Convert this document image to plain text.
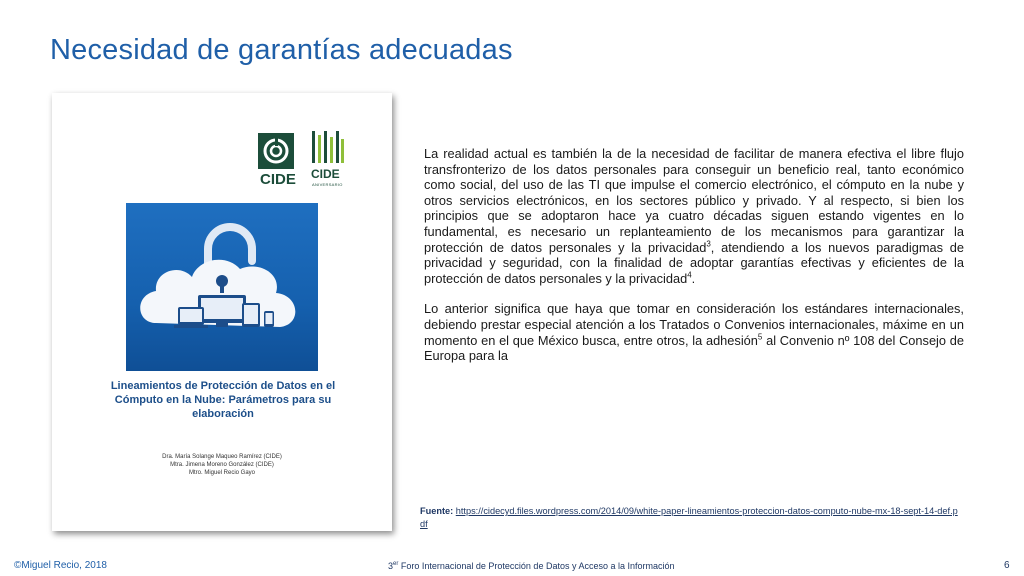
Necesidad de garantías adecuadas
CIDE CIDE
ANIVERSARIO
Lineamientos de Protección de Datos en el Cómputo en la Nube: Parámetros para su elaboración
Dra. María Solange Maqueo Ramírez (CIDE)
Mtra. Jimena Moreno González (CIDE)
Mtro. Miguel Recio Gayo

La realidad actual es también la de la necesidad de facilitar de manera efectiva el libre flujo transfronterizo de los datos personales para conseguir un beneficio real, tanto económico como social, del uso de las TI que impulse el comercio electrónico, el cómputo en la nube y otros servicios electrónicos, en los sectores público y privado. Y al respecto, si bien los principios que se adoptaron hace ya cuatro décadas siguen estando vigentes en lo fundamental, es necesario un replanteamiento de los mecanismos para garantizar la protección de datos personales y la privacidad$^3$, atendiendo a los nuevos paradigmas de privacidad y seguridad, con la finalidad de adoptar garantías efectivas y eficientes de la protección de datos personales y la privacidad$^4$.

Lo anterior significa que haya que tomar en consideración los estándares internacionales, debiendo prestar especial atención a los Tratados o Convenios internacionales, máxime en un momento en el que México busca, entre otros, la adhesión$^5$ al Convenio nº 108 del Consejo de Europa para la

Fuente: https://cidecyd.files.wordpress.com/2014/09/white-paper-lineamientos-proteccion-datos-computo-nube-mx-18-sept-14-def.pdf
©Miguel Recio, 2018	3er Foro Internacional de Protección de Datos y Acceso a la Información	6
